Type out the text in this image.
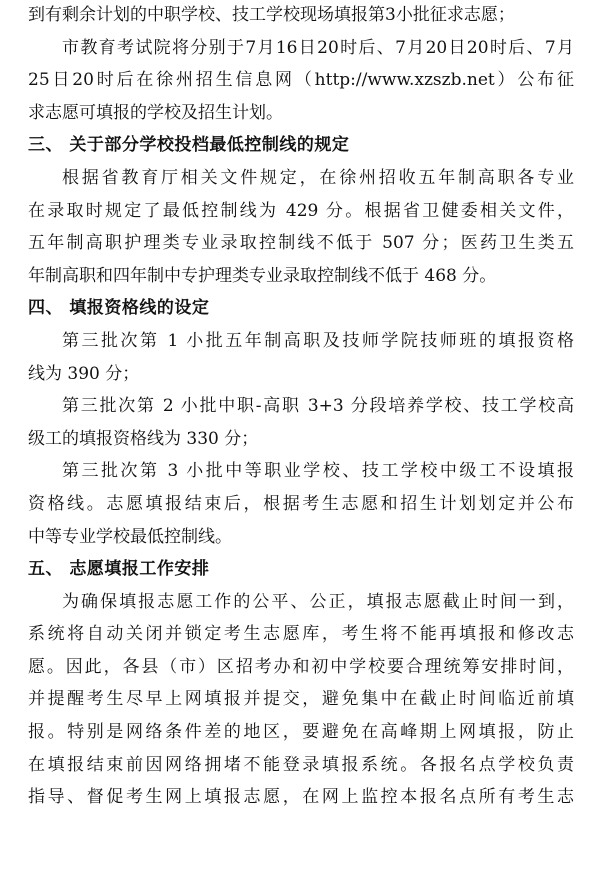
到有剩余计划的中职学校、技工学校现场填报第3小批征求志愿；
市教育考试院将分别于7月16日20时后、7月20日20时后、7月
25日20时后在徐州招生信息网（http://www.xzszb.net）公布征
求志愿可填报的学校及招生计划。
三、 关于部分学校投档最低控制线的规定
根据省教育厅相关文件规定，在徐州招收五年制高职各专业
在录取时规定了最低控制线为 429 分。根据省卫健委相关文件，
五年制高职护理类专业录取控制线不低于 507 分；医药卫生类五
年制高职和四年制中专护理类专业录取控制线不低于 468 分。
四、 填报资格线的设定
第三批次第 1 小批五年制高职及技师学院技师班的填报资格
线为 390 分；
第三批次第 2 小批中职-高职 3+3 分段培养学校、技工学校高
级工的填报资格线为 330 分；
第三批次第 3 小批中等职业学校、技工学校中级工不设填报
资格线。志愿填报结束后，根据考生志愿和招生计划划定并公布
中等专业学校最低控制线。
五、 志愿填报工作安排
为确保填报志愿工作的公平、公正，填报志愿截止时间一到，
系统将自动关闭并锁定考生志愿库，考生将不能再填报和修改志
愿。因此，各县（市）区招考办和初中学校要合理统筹安排时间，
并提醒考生尽早上网填报并提交，避免集中在截止时间临近前填
报。特别是网络条件差的地区，要避免在高峰期上网填报，防止
在填报结束前因网络拥堵不能登录填报系统。各报名点学校负责
指导、督促考生网上填报志愿，在网上监控本报名点所有考生志
